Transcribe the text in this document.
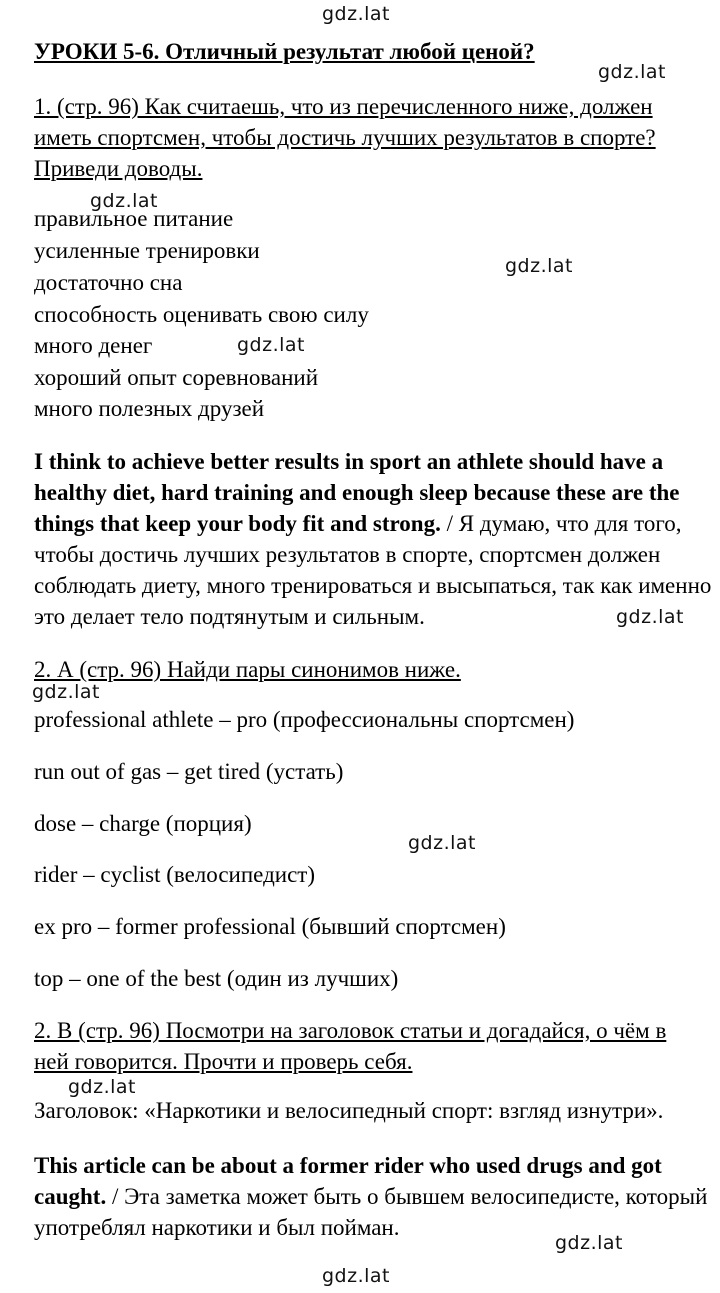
gdz.lat
gdz.lat
gdz.lat
gdz.lat
gdz.lat
gdz.lat
gdz.lat
gdz.lat
gdz.lat
gdz.lat
gdz.lat
УРОКИ 5-6. Отличный результат любой ценой?
1. (стр. 96) Как считаешь, что из перечисленного ниже, должен иметь спортсмен, чтобы достичь лучших результатов в спорте? Приведи доводы.
правильное питание
усиленные тренировки
достаточно сна
способность оценивать свою силу
много денег
хороший опыт соревнований
много полезных друзей
I think to achieve better results in sport an athlete should have a healthy diet, hard training and enough sleep because these are the things that keep your body fit and strong. / Я думаю, что для того, чтобы достичь лучших результатов в спорте, спортсмен должен соблюдать диету, много тренироваться и высыпаться, так как именно это делает тело подтянутым и сильным.
2. А (стр. 96) Найди пары синонимов ниже.
professional athlete – pro (профессиональны спортсмен)
run out of gas – get tired (устать)
dose – charge (порция)
rider – cyclist (велосипедист)
ex pro – former professional (бывший спортсмен)
top – one of the best (один из лучших)
2. В (стр. 96) Посмотри на заголовок статьи и догадайся, о чём в ней говорится. Прочти и проверь себя.
Заголовок: «Наркотики и велосипедный спорт: взгляд изнутри».
This article can be about a former rider who used drugs and got caught. / Эта заметка может быть о бывшем велосипедисте, который употреблял наркотики и был пойман.
